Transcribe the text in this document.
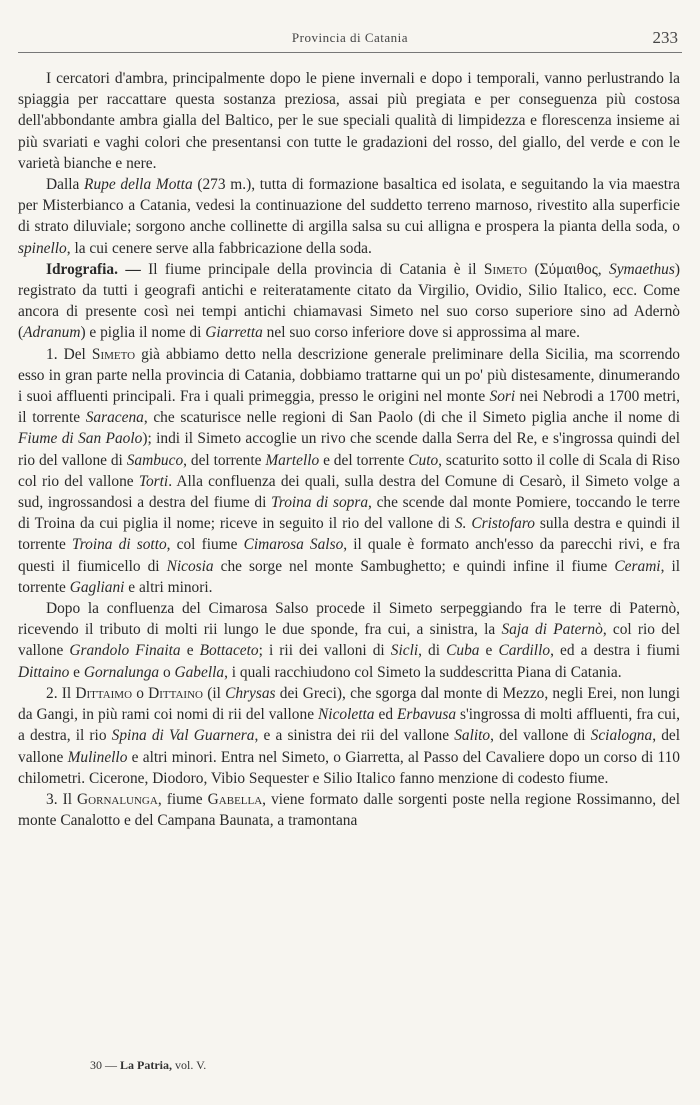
Provincia di Catania	233

I cercatori d'ambra, principalmente dopo le piene invernali e dopo i temporali, vanno perlustrando la spiaggia per raccattare questa sostanza preziosa, assai più pregiata e per conseguenza più costosa dell'abbondante ambra gialla del Baltico, per le sue speciali qualità di limpidezza e florescenza insieme ai più svariati e vaghi colori che presentansi con tutte le gradazioni del rosso, del giallo, del verde e con le varietà bianche e nere.

Dalla Rupe della Motta (273 m.), tutta di formazione basaltica ed isolata, e seguitando la via maestra per Misterbianco a Catania, vedesi la continuazione del suddetto terreno marnoso, rivestito alla superficie di strato diluviale; sorgono anche collinette di argilla salsa su cui alligna e prospera la pianta della soda, o spinello, la cui cenere serve alla fabbricazione della soda.

Idrografia. — Il fiume principale della provincia di Catania è il Simeto (Σύμαιθος, Symaethus) registrato da tutti i geografi antichi e reiteratamente citato da Virgilio, Ovidio, Silio Italico, ecc. Come ancora di presente così nei tempi antichi chiamavasi Simeto nel suo corso superiore sino ad Adernò (Adranum) e piglia il nome di Giarretta nel suo corso inferiore dove si approssima al mare.

1. Del Simeto già abbiamo detto nella descrizione generale preliminare della Sicilia, ma scorrendo esso in gran parte nella provincia di Catania, dobbiamo trattarne qui un po' più distesamente, dinumerando i suoi affluenti principali. Fra i quali primeggia, presso le origini nel monte Sori nei Nebrodi a 1700 metri, il torrente Saracena, che scaturisce nelle regioni di San Paolo (di che il Simeto piglia anche il nome di Fiume di San Paolo); indi il Simeto accoglie un rivo che scende dalla Serra del Re, e s'ingrossa quindi del rio del vallone di Sambuco, del torrente Martello e del torrente Cuto, scaturito sotto il colle di Scala di Riso col rio del vallone Torti. Alla confluenza dei quali, sulla destra del Comune di Cesarò, il Simeto volge a sud, ingrossandosi a destra del fiume di Troina di sopra, che scende dal monte Pomiere, toccando le terre di Troina da cui piglia il nome; riceve in seguito il rio del vallone di S. Cristofaro sulla destra e quindi il torrente Troina di sotto, col fiume Cimarosa Salso, il quale è formato anch'esso da parecchi rivi, e fra questi il fiumicello di Nicosia che sorge nel monte Sambughetto; e quindi infine il fiume Cerami, il torrente Gagliani e altri minori.

Dopo la confluenza del Cimarosa Salso procede il Simeto serpeggiando fra le terre di Paternò, ricevendo il tributo di molti rii lungo le due sponde, fra cui, a sinistra, la Saja di Paternò, col rio del vallone Grandolo Finaita e Bottaceto; i rii dei valloni di Sicli, di Cuba e Cardillo, ed a destra i fiumi Dittaino e Gornalunga o Gabella, i quali racchiudono col Simeto la suddescritta Piana di Catania.

2. Il Dittaimo o Dittaino (il Chrysas dei Greci), che sgorga dal monte di Mezzo, negli Erei, non lungi da Gangi, in più rami coi nomi di rii del vallone Nicoletta ed Erbavusa s'ingrossa di molti affluenti, fra cui, a destra, il rio Spina di Val Guarnera, e a sinistra dei rii del vallone Salito, del vallone di Scialogna, del vallone Mulinello e altri minori. Entra nel Simeto, o Giarretta, al Passo del Cavaliere dopo un corso di 110 chilometri. Cicerone, Diodoro, Vibio Sequester e Silio Italico fanno menzione di codesto fiume.

3. Il Gornalunga, fiume Gabella, viene formato dalle sorgenti poste nella regione Rossimanno, del monte Canalotto e del Campana Baunata, a tramontana

30 — La Patria, vol. V.
